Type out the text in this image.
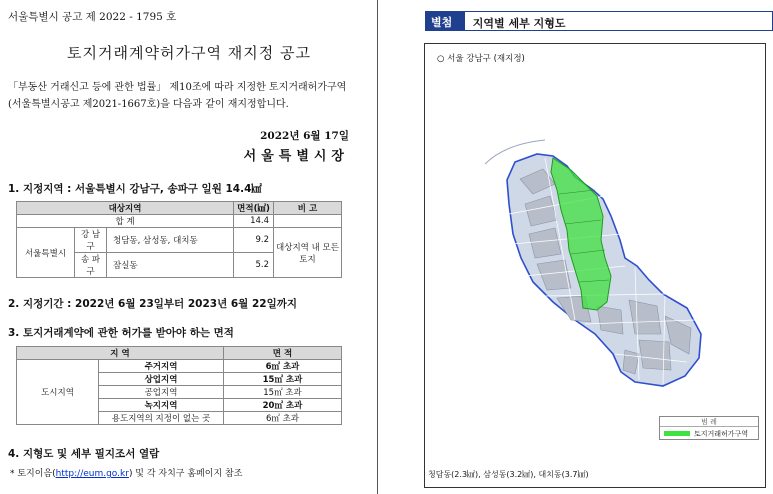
서울특별시 공고 제 2022 - 1795 호
토지거래계약허가구역 재지정 공고
「부동산 거래신고 등에 관한 법률」 제10조에 따라 지정한 토지거래허가구역
(서울특별시공고 제2021-1667호)을 다음과 같이 재지정합니다.
2022년 6월 17일
서울특별시장
1. 지정지역 : 서울특별시 강남구, 송파구 일원 14.4㎢
대상지역			면적(㎢)	비 고
합 계			14.4	
서울특별시	강 남 구	청담동, 삼성동, 대치동	9.2	대상지역 내 모든 토지
	송 파 구	잠실동	5.2	
2. 지정기간 : 2022년 6월 23일부터 2023년 6월 22일까지
3. 토지거래계약에 관한 허가를 받아야 하는 면적
지 역		면 적
도시지역	주거지역	6㎡ 초과
	상업지역	15㎡ 초과
	공업지역	15㎡ 초과
	녹지지역	20㎡ 초과
	용도지역의 지정이 없는 곳	6㎡ 초과
4. 지형도 및 세부 필지조서 열람
* 토지이음(http://eum.go.kr) 및 각 자치구 홈페이지 참조
별첨1
지역별 세부 지형도
○ 서울 강남구 (재지정)
범 례
토지거래허가구역
청담동(2.3㎢), 삼성동(3.2㎢), 대치동(3.7㎢)
